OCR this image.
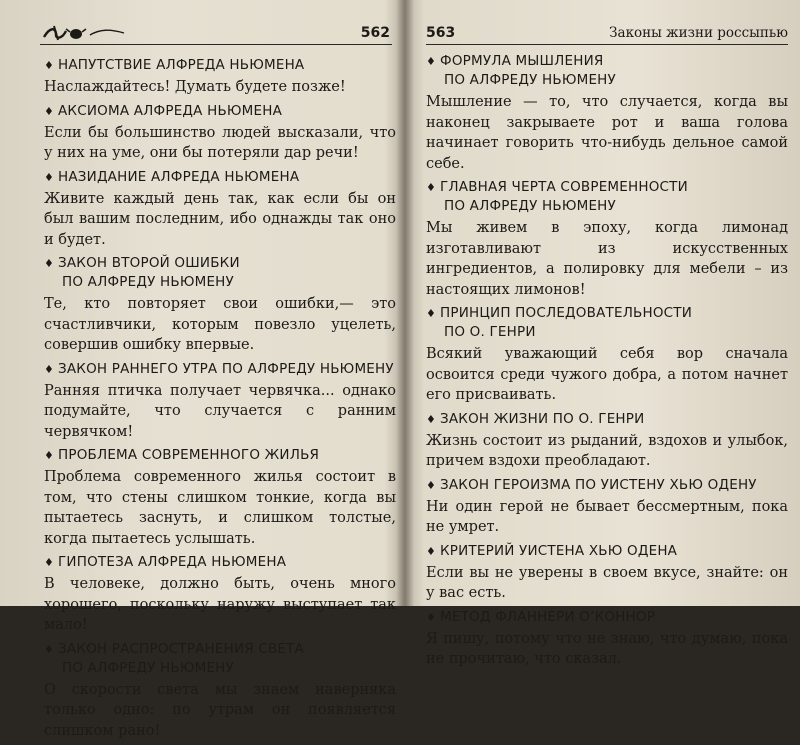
562
♦ НАПУТСТВИЕ АЛФРЕДА НЬЮМЕНА
Наслаждайтесь! Думать будете позже!
♦ АКСИОМА АЛФРЕДА НЬЮМЕНА
Если бы большинство людей высказали, что у них на уме, они бы потеряли дар речи!
♦ НАЗИДАНИЕ АЛФРЕДА НЬЮМЕНА
Живите каждый день так, как если бы он был вашим последним, ибо однажды так оно и будет.
♦ ЗАКОН ВТОРОЙ ОШИБКИ
ПО АЛФРЕДУ НЬЮМЕНУ
Те, кто повторяет свои ошибки,— это счастливчики, которым повезло уцелеть, совершив ошибку впервые.
♦ ЗАКОН РАННЕГО УТРА ПО АЛФРЕДУ НЬЮМЕНУ
Ранняя птичка получает червячка... однако подумайте, что случается с ранним червячком!
♦ ПРОБЛЕМА СОВРЕМЕННОГО ЖИЛЬЯ
Проблема современного жилья состоит в том, что стены слишком тонкие, когда вы пытаетесь заснуть, и слишком толстые, когда пытаетесь услышать.
♦ ГИПОТЕЗА АЛФРЕДА НЬЮМЕНА
В человеке, должно быть, очень много хорошего, поскольку наружу выступает так мало!
♦ ЗАКОН РАСПРОСТРАНЕНИЯ СВЕТА
ПО АЛФРЕДУ НЬЮМЕНУ
О скорости света мы знаем наверняка только одно: по утрам он появляется слишком рано!
563	Законы жизни россыпью
♦ ФОРМУЛА МЫШЛЕНИЯ
ПО АЛФРЕДУ НЬЮМЕНУ
Мышление — то, что случается, когда вы наконец закрываете рот и ваша голова начинает говорить что-нибудь дельное самой себе.
♦ ГЛАВНАЯ ЧЕРТА СОВРЕМЕННОСТИ
ПО АЛФРЕДУ НЬЮМЕНУ
Мы живем в эпоху, когда лимонад изготавливают из искусственных ингредиентов, а полировку для мебели – из настоящих лимонов!
♦ ПРИНЦИП ПОСЛЕДОВАТЕЛЬНОСТИ
ПО О. ГЕНРИ
Всякий уважающий себя вор сначала освоится среди чужого добра, а потом начнет его присваивать.
♦ ЗАКОН ЖИЗНИ ПО О. ГЕНРИ
Жизнь состоит из рыданий, вздохов и улыбок, причем вздохи преобладают.
♦ ЗАКОН ГЕРОИЗМА ПО УИСТЕНУ ХЬЮ ОДЕНУ
Ни один герой не бывает бессмертным, пока не умрет.
♦ КРИТЕРИЙ УИСТЕНА ХЬЮ ОДЕНА
Если вы не уверены в своем вкусе, знайте: он у вас есть.
♦ МЕТОД ФЛАННЕРИ О’КОННОР
Я пишу, потому что не знаю, что думаю, пока не прочитаю, что сказал.
